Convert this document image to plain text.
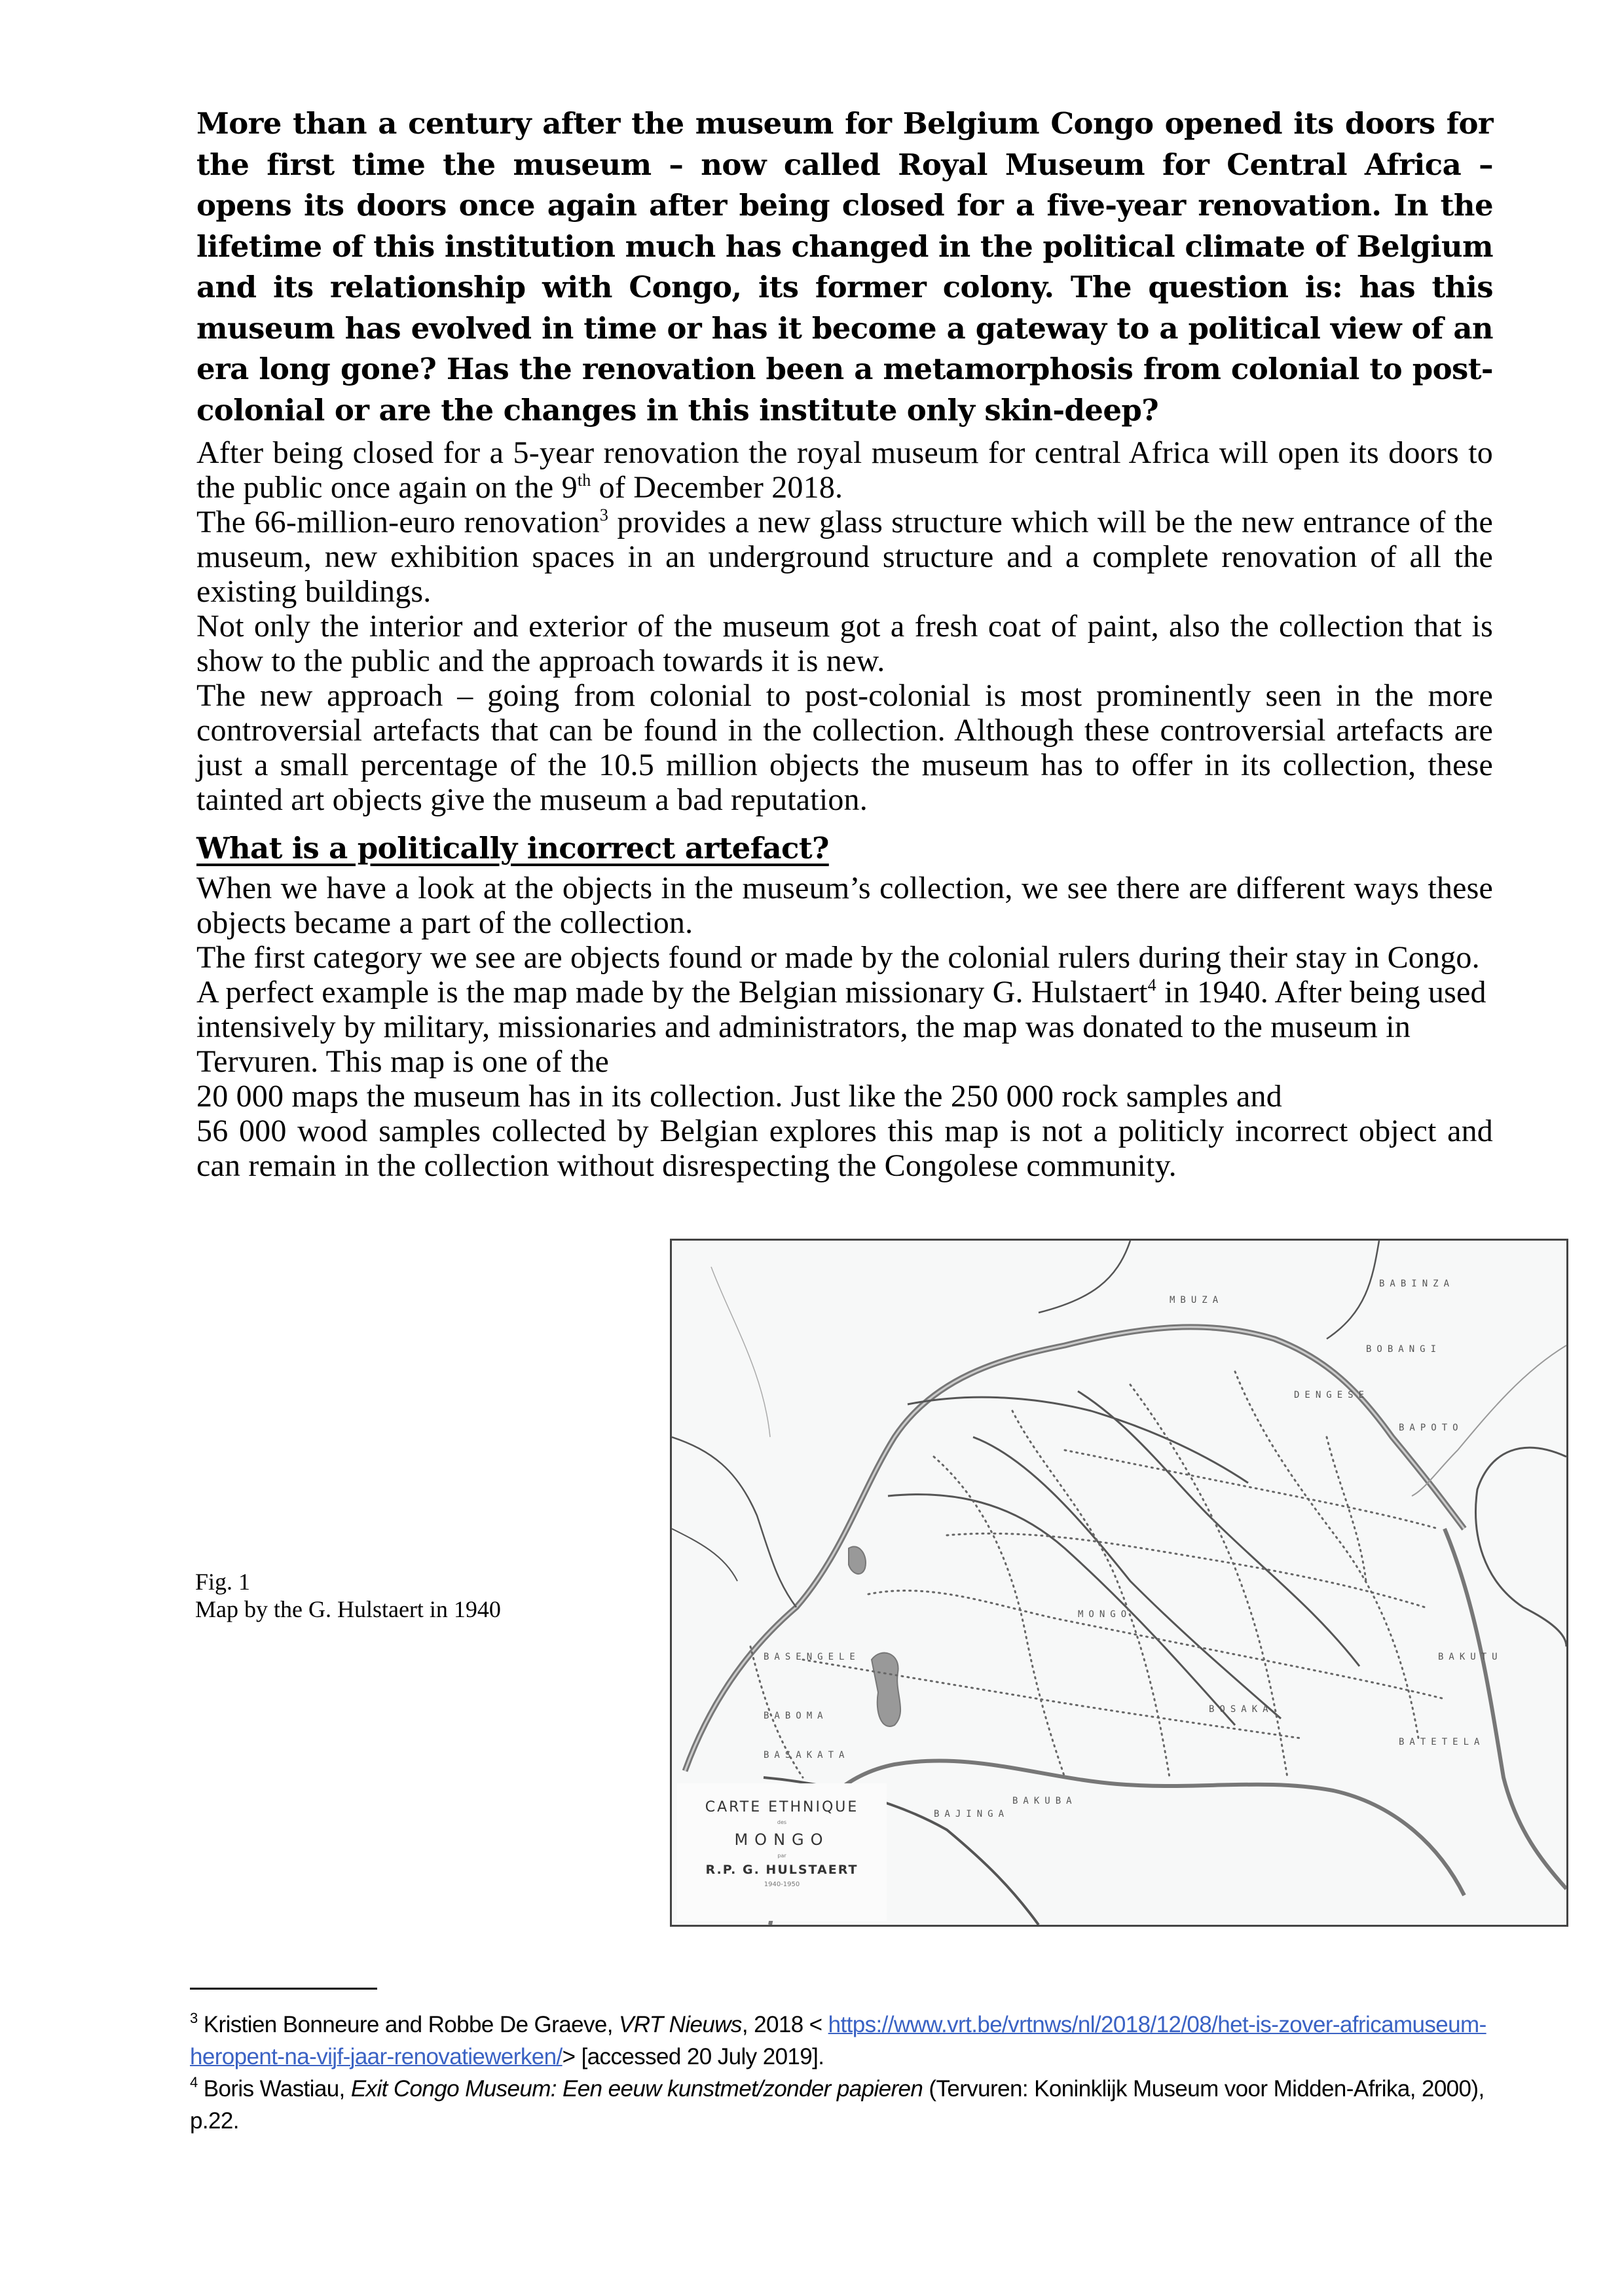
More than a century after the museum for Belgium Congo opened its doors for the first time the museum – now called Royal Museum for Central Africa – opens its doors once again after being closed for a five-year renovation. In the lifetime of this institution much has changed in the political climate of Belgium and its relationship with Congo, its former colony. The question is: has this museum has evolved in time or has it become a gateway to a political view of an era long gone? Has the renovation been a metamorphosis from colonial to post-colonial or are the changes in this institute only skin-deep?

After being closed for a 5-year renovation the royal museum for central Africa will open its doors to the public once again on the 9th of December 2018.

The 66-million-euro renovation$^3$ provides a new glass structure which will be the new entrance of the museum, new exhibition spaces in an underground structure and a complete renovation of all the existing buildings.

Not only the interior and exterior of the museum got a fresh coat of paint, also the collection that is show to the public and the approach towards it is new.

The new approach – going from colonial to post-colonial is most prominently seen in the more controversial artefacts that can be found in the collection. Although these controversial artefacts are just a small percentage of the 10.5 million objects the museum has to offer in its collection, these tainted art objects give the museum a bad reputation.

What is a politically incorrect artefact?

When we have a look at the objects in the museum’s collection, we see there are different ways these objects became a part of the collection.

The first category we see are objects found or made by the colonial rulers during their stay in Congo. A perfect example is the map made by the Belgian missionary G. Hulstaert$^4$ in 1940. After being used intensively by military, missionaries and administrators, the map was donated to the museum in Tervuren. This map is one of the

20 000 maps the museum has in its collection. Just like the 250 000 rock samples and

56 000 wood samples collected by Belgian explores this map is not a politicly incorrect object and can remain in the collection without disrespecting the Congolese community.

Fig. 1
Map by the G. Hulstaert in 1940
BABINZA
MBUZA
BOBANGI
DENGESE
BAPOTO
BASAKATA
BASENGELE
BABOMA
MONGO
BATETELA
BAKUBA
BAJINGA
BOSAKA
BAKUTU
CARTE ETHNIQUE
des
MONGO
par
R.P. G. HULSTAERT
1940-1950

$^3$ Kristien Bonneure and Robbe De Graeve, VRT Nieuws, 2018 < https://www.vrt.be/vrtnws/nl/2018/12/08/het-is-zover-africamuseum-heropent-na-vijf-jaar-renovatiewerken/> [accessed 20 July 2019].

$^4$ Boris Wastiau, Exit Congo Museum: Een eeuw kunstmet/zonder papieren (Tervuren: Koninklijk Museum voor Midden-Afrika, 2000), p.22.
